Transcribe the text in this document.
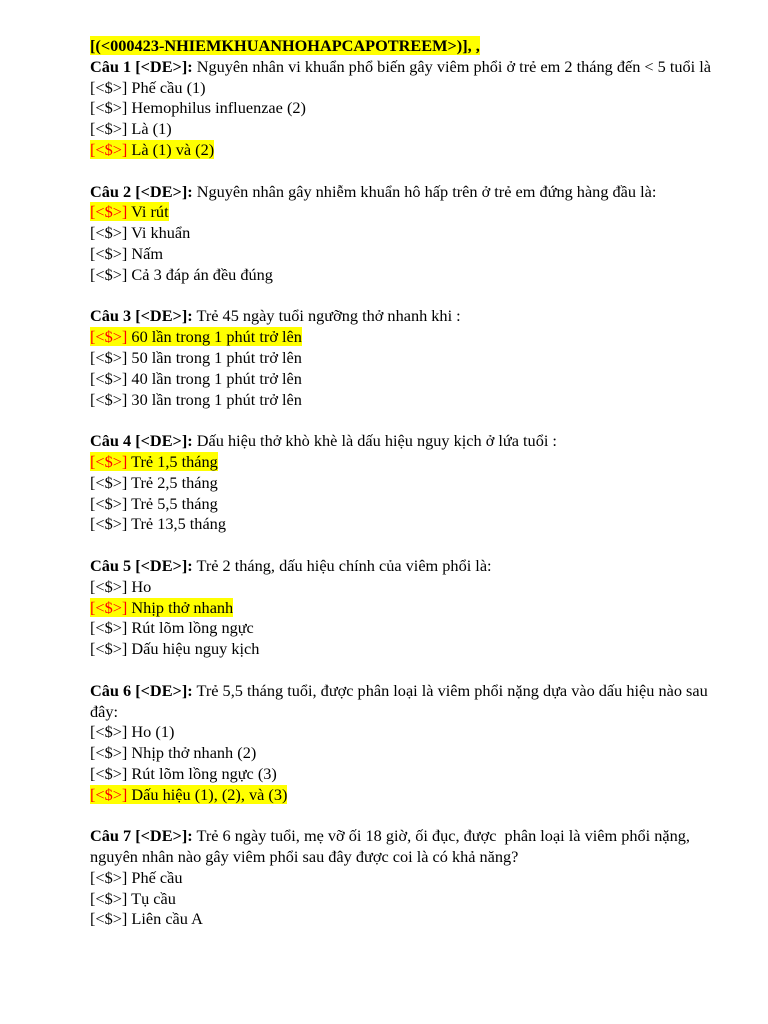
[(<000423-NHIEMKHUANHOHAPCAPOTREEM>)], ,
Câu 1 [<DE>]: Nguyên nhân vi khuẩn phổ biến gây viêm phổi ở trẻ em 2 tháng đến < 5 tuổi là
[<$>] Phế cầu (1)
[<$>] Hemophilus influenzae (2)
[<$>] Là (1)
[<$>] Là (1) và (2)
Câu 2 [<DE>]: Nguyên nhân gây nhiễm khuẩn hô hấp trên ở trẻ em đứng hàng đầu là:
[<$>] Vi rút
[<$>] Vi khuẩn
[<$>] Nấm
[<$>] Cả 3 đáp án đều đúng
Câu 3 [<DE>]: Trẻ 45 ngày tuổi ngưỡng thở nhanh khi :
[<$>] 60 lần trong 1 phút trở lên
[<$>] 50 lần trong 1 phút trở lên
[<$>] 40 lần trong 1 phút trở lên
[<$>] 30 lần trong 1 phút trở lên
Câu 4 [<DE>]: Dấu hiệu thở khò khè là dấu hiệu nguy kịch ở lứa tuổi :
[<$>] Trẻ 1,5 tháng
[<$>] Trẻ 2,5 tháng
[<$>] Trẻ 5,5 tháng
[<$>] Trẻ 13,5 tháng
Câu 5 [<DE>]: Trẻ 2 tháng, dấu hiệu chính của viêm phổi là:
[<$>] Ho
[<$>] Nhịp thở nhanh
[<$>] Rút lõm lồng ngực
[<$>] Dấu hiệu nguy kịch
Câu 6 [<DE>]: Trẻ 5,5 tháng tuổi, được phân loại là viêm phổi nặng dựa vào dấu hiệu nào sau đây:
[<$>] Ho (1)
[<$>] Nhịp thở nhanh (2)
[<$>] Rút lõm lồng ngực (3)
[<$>] Dấu hiệu (1), (2), và (3)
Câu 7 [<DE>]: Trẻ 6 ngày tuổi, mẹ vỡ ối 18 giờ, ối đục, được  phân loại là viêm phổi nặng, nguyên nhân nào gây viêm phổi sau đây được coi là có khả năng?
[<$>] Phế cầu
[<$>] Tụ cầu
[<$>] Liên cầu A
